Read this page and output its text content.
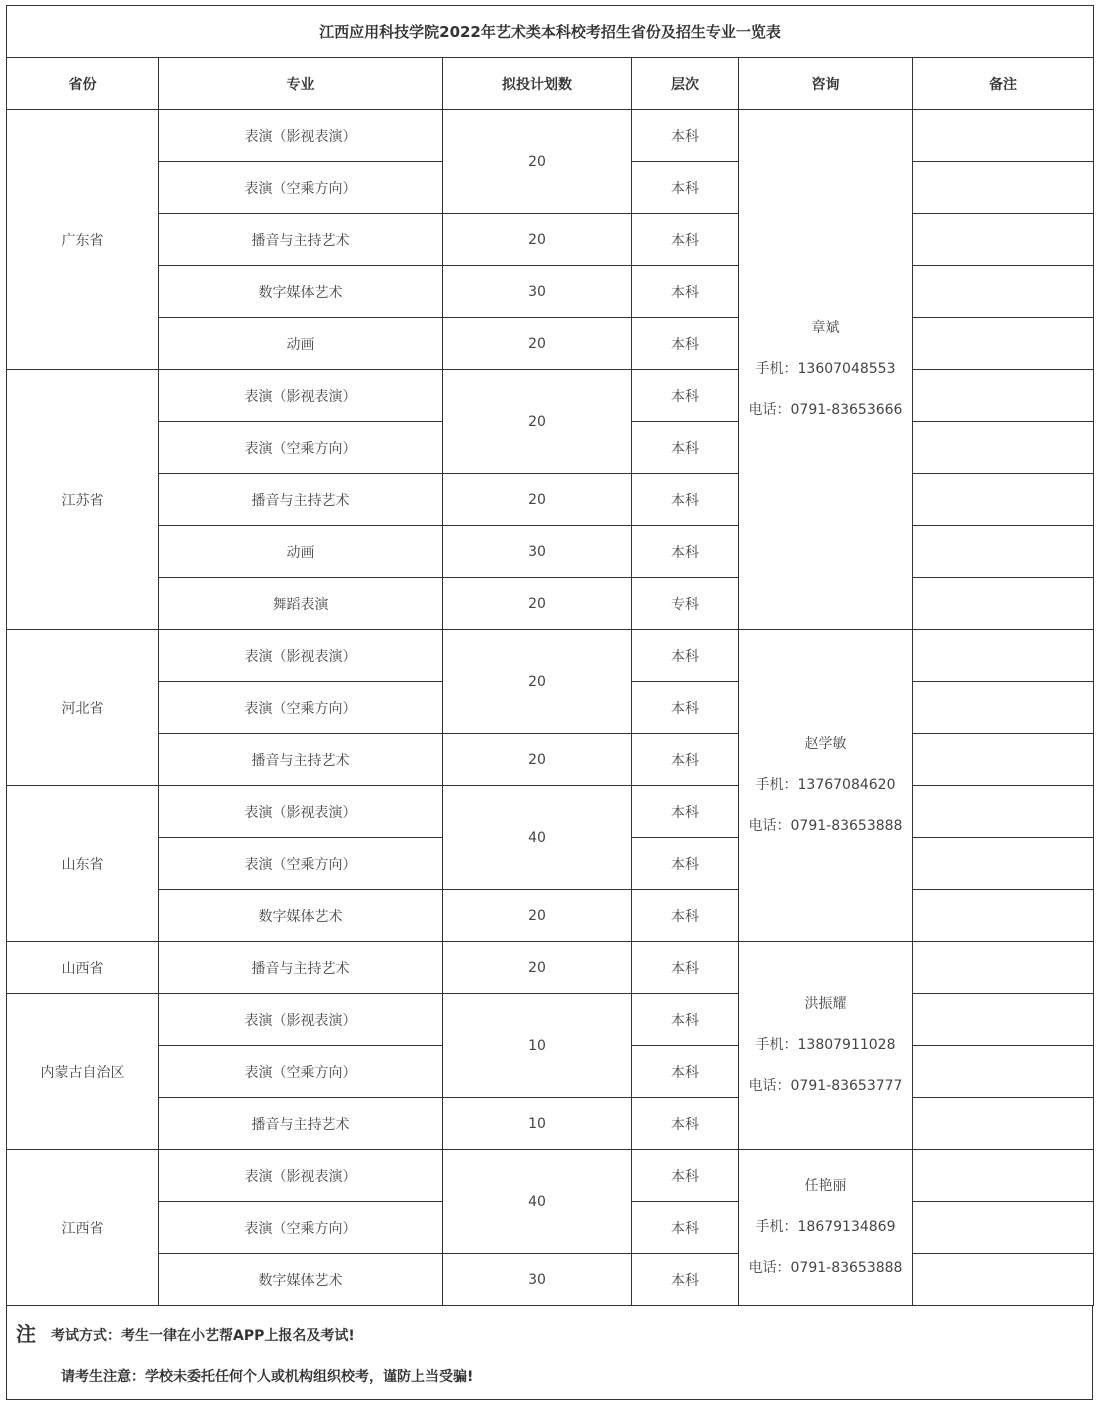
江西应用科技学院2022年艺术类本科校考招生省份及招生专业一览表					
省份	专业	拟投计划数	层次	咨询	备注
广东省	表演（影视表演）	20	本科	章斌
手机：13607048553
电话：0791-83653666	

	表演（空乘方向）		本科		
	播音与主持艺术	20	本科		
	数字媒体艺术	30	本科		
	动画	20	本科		
江苏省	表演（影视表演）	20	本科		
	表演（空乘方向）		本科		
	播音与主持艺术	20	本科		
	动画	30	本科		
	舞蹈表演	20	专科		
河北省	表演（影视表演）	20	本科	赵学敏
手机：13767084620
电话：0791-83653888	

	表演（空乘方向）		本科		
	播音与主持艺术	20	本科		
山东省	表演（影视表演）	40	本科		
	表演（空乘方向）		本科		
	数字媒体艺术	20	本科		
山西省	播音与主持艺术	20	本科	洪振耀
手机：13807911028
电话：0791-83653777	

内蒙古自治区	表演（影视表演）	10	本科		
	表演（空乘方向）		本科		
	播音与主持艺术	10	本科		
江西省	表演（影视表演）	40	本科	任艳丽
手机：18679134869
电话：0791-83653888	

	表演（空乘方向）		本科		
	数字媒体艺术	30	本科		
注 考试方式：考生一律在小艺帮APP上报名及考试!
请考生注意：学校未委托任何个人或机构组织校考，谨防上当受骗!
